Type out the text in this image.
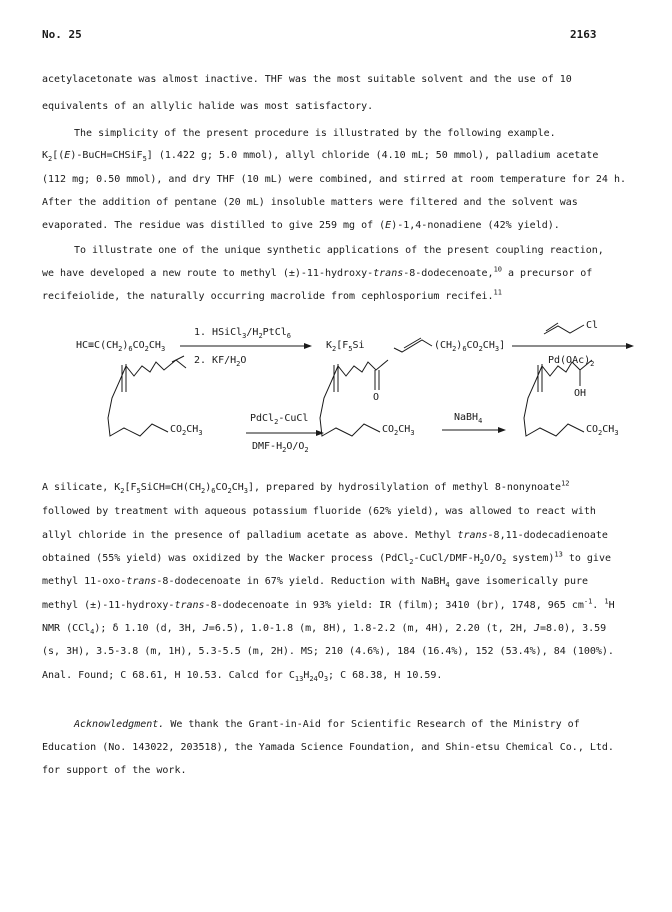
No. 25	2163
acetylacetonate was almost inactive. THF was the most suitable solvent and the use of 10
equivalents of an allylic halide was most satisfactory.
The simplicity of the present procedure is illustrated by the following example.
$K_2[(E)-BuCH=CHSiF_5]$ (1.422 g; 5.0 mmol), allyl chloride (4.10 mL; 50 mmol), palladium acetate
(112 mg; 0.50 mmol), and dry THF (10 mL) were combined, and stirred at room temperature for 24 h.
After the addition of pentane (20 mL) insoluble matters were filtered and the solvent was
evaporated. The residue was distilled to give 259 mg of (E)-1,4-nonadiene (42% yield).
To illustrate one of the unique synthetic applications of the present coupling reaction,
we have developed a new route to methyl (±)-11-hydroxy-trans-8-dodecenoate,$^{10}$ a precursor of
recifeiolide, the naturally occurring macrolide from cephlosporium recifei.$^{11}$
$HC\equiv C(CH_2)_6CO_2CH_3$
1. $HSiCl_3/H_2PtCl_6$
2. $KF/H_2O$
$K_2[F_5Si$	$(CH_2)_6CO_2CH_3$]
Cl
$Pd(OAc)_2$
$CO_2CH_3$
PdCl$_2$-CuCl
DMF-$H_2O/O_2$
O
$CO_2CH_3$
NaBH$_4$
OH
$CO_2CH_3$
A silicate, $K_2[F_5SiCH=CH(CH_2)_6CO_2CH_3]$, prepared by hydrosilylation of methyl 8-nonynoate$^{12}$
followed by treatment with aqueous potassium fluoride (62% yield), was allowed to react with
allyl chloride in the presence of palladium acetate as above. Methyl trans-8,11-dodecadienoate
obtained (55% yield) was oxidized by the Wacker process ($PdCl_2-CuCl/DMF-H_2O/O_2$ system)$^{13}$ to give
methyl 11-oxo-trans-8-dodecenoate in 67% yield. Reduction with NaBH$_4$ gave isomerically pure
methyl (±)-11-hydroxy-trans-8-dodecenoate in 93% yield: IR (film); 3410 (br), 1748, 965 $cm^{-1}$. $^1$H
NMR (CCl$_4$); δ 1.10 (d, 3H, J=6.5), 1.0-1.8 (m, 8H), 1.8-2.2 (m, 4H), 2.20 (t, 2H, J=8.0), 3.59
(s, 3H), 3.5-3.8 (m, 1H), 5.3-5.5 (m, 2H). MS; 210 (4.6%), 184 (16.4%), 152 (53.4%), 84 (100%).
Anal. Found; C 68.61, H 10.53. Calcd for $C_{13}H_{24}O_3$; C 68.38, H 10.59.
Acknowledgment. We thank the Grant-in-Aid for Scientific Research of the Ministry of
Education (No. 143022, 203518), the Yamada Science Foundation, and Shin-etsu Chemical Co., Ltd.
for support of the work.
